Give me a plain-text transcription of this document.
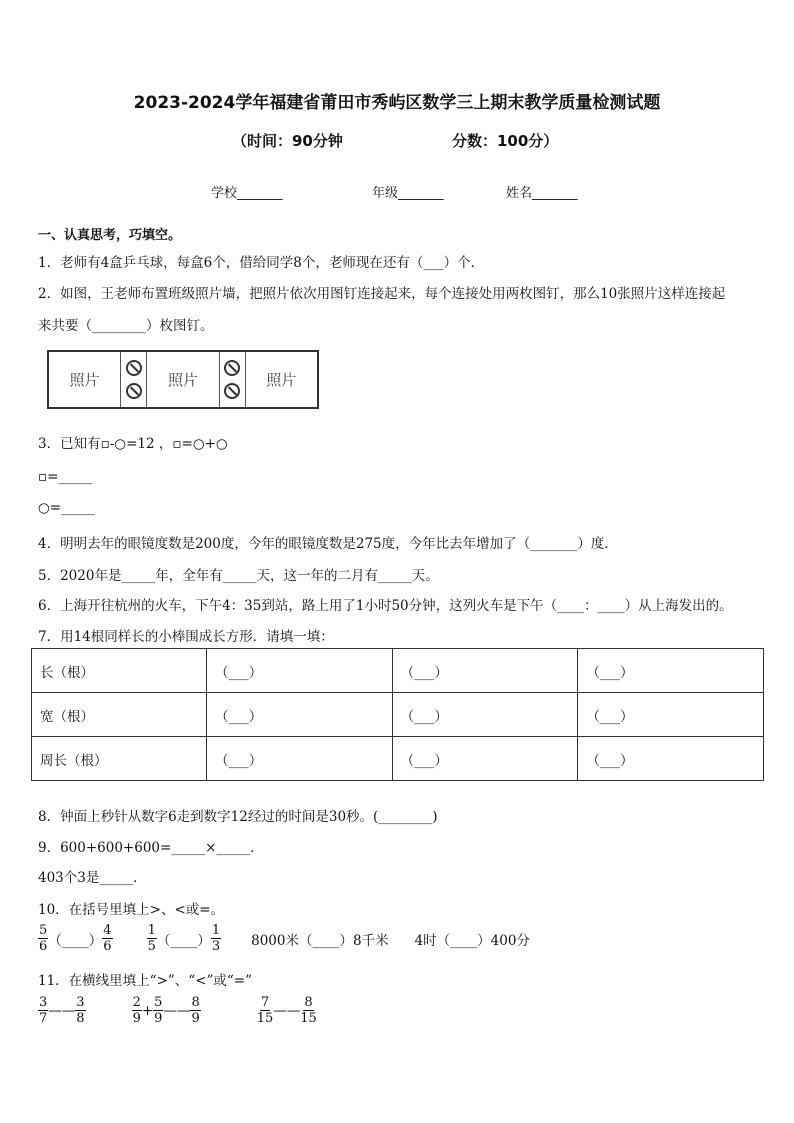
2023-2024学年福建省莆田市秀屿区数学三上期末教学质量检测试题
（时间：90分钟	分数：100分）
学校_______	年级_______	姓名_______
一、认真思考，巧填空。
1．老师有4盒乒乓球，每盒6个，借给同学8个，老师现在还有（___）个．
2．如图，王老师布置班级照片墙，把照片依次用图钉连接起来，每个连接处用两枚图钉，那么10张照片这样连接起
来共要（________）枚图钉。
照片	照片	照片
3．已知有▫-○=12 ，▫=○+○
▫=_____
○=_____
4．明明去年的眼镜度数是200度，今年的眼镜度数是275度，今年比去年增加了（_______）度．
5．2020年是_____年，全年有_____天，这一年的二月有_____天。
6．上海开往杭州的火车，下午4：35到站，路上用了1小时50分钟，这列火车是下午（____：____）从上海发出的。
7．用14根同样长的小棒围成长方形．请填一填：
长（根）	（___）	（___）	（___）
宽（根）	（___）	（___）	（___）
周长（根）	（___）	（___）	（___）
8．钟面上秒针从数字6走到数字12经过的时间是30秒。(________)
9．600+600+600=_____×_____．
403个3是_____．
10．在括号里填上>、<或=。
$\frac{5}{6}$ （____） $\frac{4}{6}$	$\frac{1}{5}$ （____） $\frac{1}{3} 8000$米（____）8千米 4时（____）400分
11．在横线里填上“>”、“<”或“=”
$\frac{3}{7}$ —— $\frac{3}{8}$	$\frac{2}{9} + \frac{5}{9}$ —— $\frac{8}{9}$	$\frac{7}{15}$ —— $\frac{8}{15}$
